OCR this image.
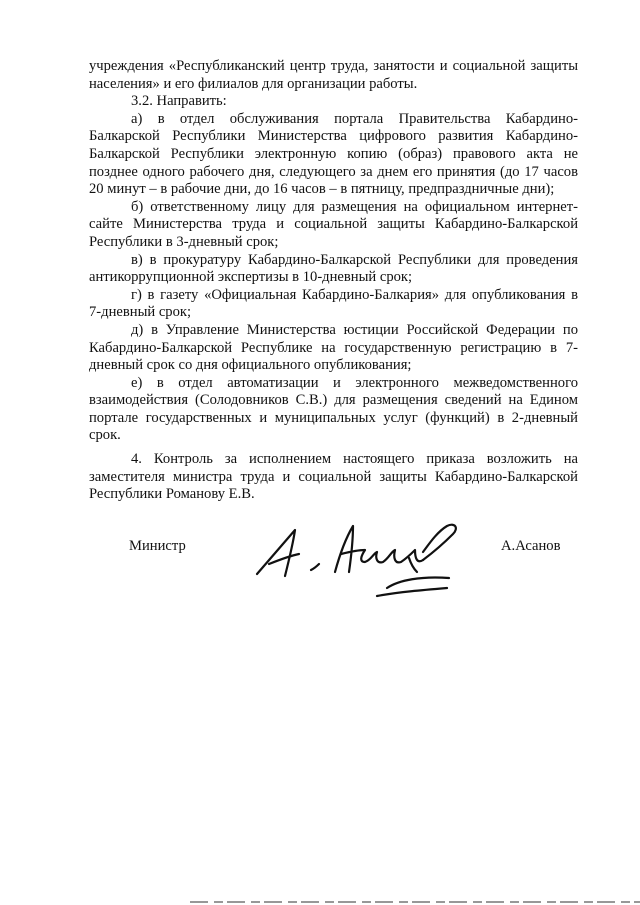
учреждения «Республиканский центр труда, занятости и социальной защиты населения» и его филиалов для организации работы.

3.2. Направить:

а) в отдел обслуживания портала Правительства Кабардино-Балкарской Республики Министерства цифрового развития Кабардино-Балкарской Республики электронную копию (образ) правового акта не позднее одного рабочего дня, следующего за днем его принятия (до 17 часов 20 минут – в рабочие дни, до 16 часов – в пятницу, предпраздничные дни);

б) ответственному лицу для размещения на официальном интернет-сайте Министерства труда и социальной защиты Кабардино-Балкарской Республики в 3-дневный срок;

в) в прокуратуру Кабардино-Балкарской Республики для проведения антикоррупционной экспертизы в 10-дневный срок;

г) в газету «Официальная Кабардино-Балкария» для опубликования в 7-дневный срок;

д) в Управление Министерства юстиции Российской Федерации по Кабардино-Балкарской Республике на государственную регистрацию в 7-дневный срок со дня официального опубликования;

е) в отдел автоматизации и электронного межведомственного взаимодействия (Солодовников С.В.) для размещения сведений на Едином портале государственных и муниципальных услуг (функций) в 2-дневный срок.

4. Контроль за исполнением настоящего приказа возложить на заместителя министра труда и социальной защиты Кабардино-Балкарской Республики Романову Е.В.

Министр	А.Асанов
